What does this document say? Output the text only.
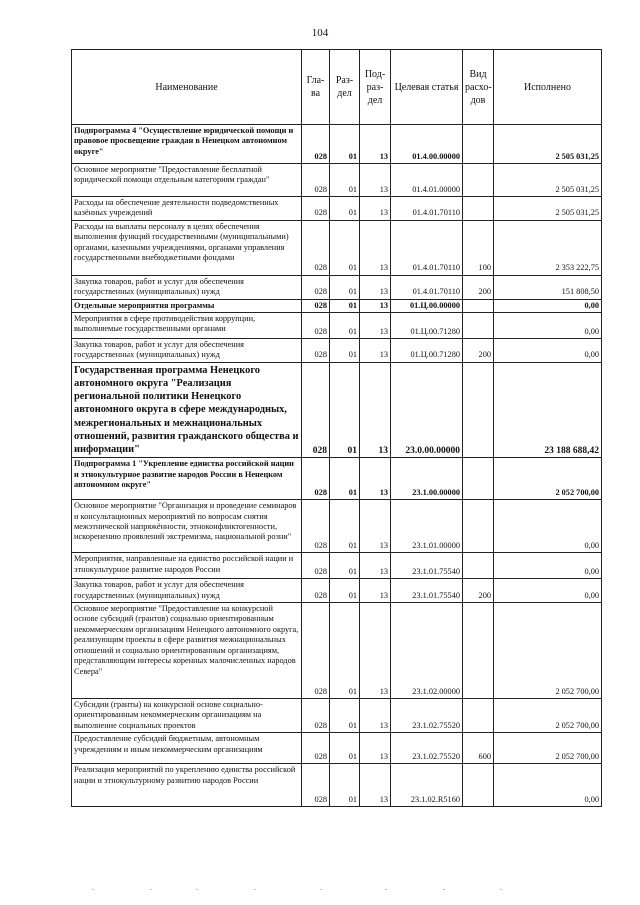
104
Наименование	Гла-ва	Раз-дел	Под-раз-дел	Целевая статья	Вид расхо-дов	Исполнено
Подпрограмма 4 "Осуществление юридической помощи и правовое просвещение граждан в Ненецком автономном округе"	028	01	13	01.4.00.00000		2 505 031,25
Основное мероприятие "Предоставление бесплатной юридической помощи отдельным категориям граждан"	028	01	13	01.4.01.00000		2 505 031,25
Расходы на обеспечение деятельности подведомственных казённых учреждений	028	01	13	01.4.01.70110		2 505 031,25
Расходы на выплаты персоналу в целях обеспечения выполнения функций государственными (муниципальными) органами, казенными учреждениями, органами управления государственными внебюджетными фондами	028	01	13	01.4.01.70110	100	2 353 222,75
Закупка товаров, работ и услуг для обеспечения государственных (муниципальных) нужд	028	01	13	01.4.01.70110	200	151 808,50
Отдельные мероприятия программы	028	01	13	01.Ц.00.00000		0,00
Мероприятия в сфере противодействия коррупции, выполняемые государственными органами	028	01	13	01.Ц.00.71280		0,00
Закупка товаров, работ и услуг для обеспечения государственных (муниципальных) нужд	028	01	13	01.Ц.00.71280	200	0,00
Государственная программа Ненецкого автономного округа "Реализация региональной политики Ненецкого автономного округа в сфере международных, межрегиональных и межнациональных отношений, развития гражданского общества и информации"	028	01	13	23.0.00.00000		23 188 688,42
Подпрограмма 1 "Укрепление единства российской нации и этнокультурное развитие народов России в Ненецком автономном округе"	028	01	13	23.1.00.00000		2 052 700,00
Основное мероприятие "Организация и проведение семинаров и консультационных мероприятий по вопросам снятия межэтнической напряжённости, этноконфликтогенности, искоренению проявлений экстремизма, национальной розни"	028	01	13	23.1.01.00000		0,00
Мероприятия, направленные на единство российской нации и этнокультурное развитие народов России	028	01	13	23.1.01.75540		0,00
Закупка товаров, работ и услуг для обеспечения государственных (муниципальных) нужд	028	01	13	23.1.01.75540	200	0,00
Основное мероприятие "Предоставление на конкурсной основе субсидий (грантов) социально ориентированным некоммерческим организациям Ненецкого автономного округа, реализующим проекты в сфере развития межнациональных отношений и социально ориентированным организациям, представляющим интересы коренных малочисленных народов Севера"	028	01	13	23.1.02.00000		2 052 700,00
Субсидии (гранты) на конкурсной основе социально-ориентированным некоммерческим организациям на выполнение социальных проектов	028	01	13	23.1.02.75520		2 052 700,00
Предоставление субсидий бюджетным, автономным учреждениям и иным некоммерческим организациям	028	01	13	23.1.02.75520	600	2 052 700,00
Реализация мероприятий по укреплению единства российской нации и этнокультурному развитию народов России	028	01	13	23.1.02.R5160		0,00
